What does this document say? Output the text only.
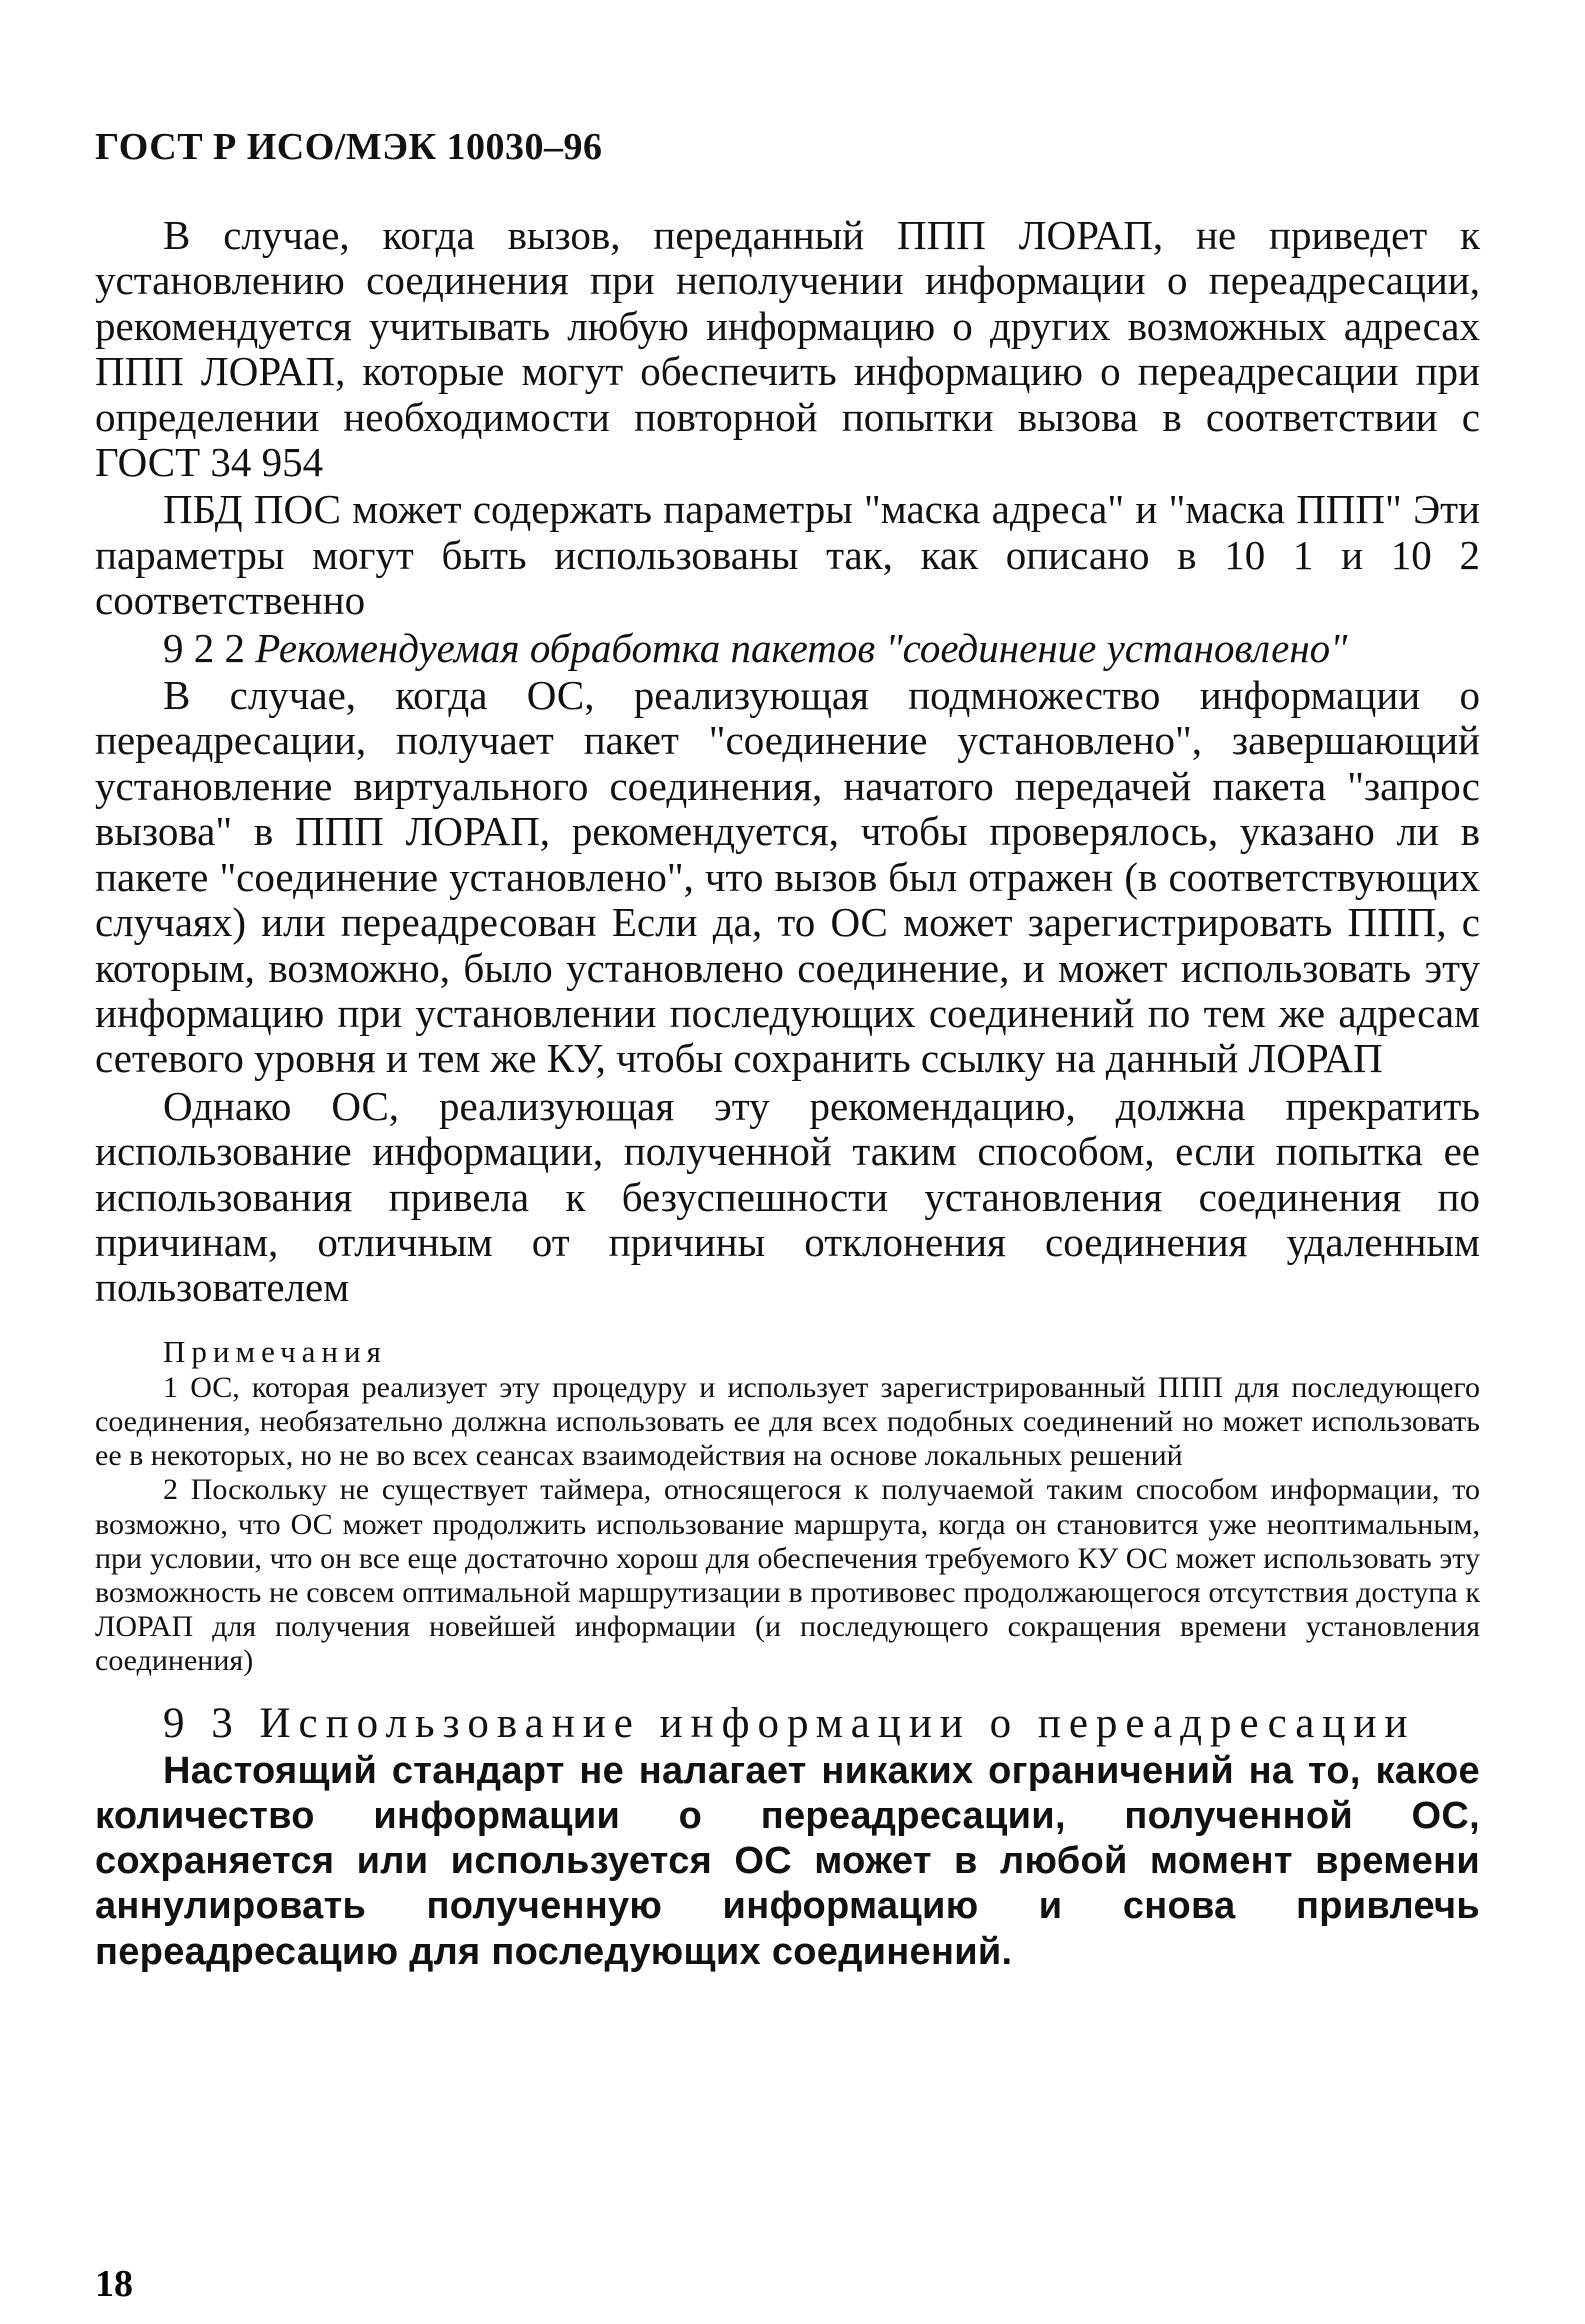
ГОСТ Р ИСО/МЭК 10030–96

В случае, когда вызов, переданный ППП ЛОРАП, не приведет к установлению соединения при неполучении информации о переадресации, рекомендуется учитывать любую информацию о других возможных адресах ППП ЛОРАП, которые могут обеспечить информацию о переадресации при определении необходимости повторной попытки вызова в соответствии с ГОСТ 34 954

ПБД ПОС может содержать параметры "маска адреса" и "маска ППП" Эти параметры могут быть использованы так, как описано в 10 1 и 10 2 соответственно

9 2 2 Рекомендуемая обработка пакетов "соединение установлено"

В случае, когда ОС, реализующая подмножество информации о переадресации, получает пакет "соединение установлено", завершающий установление виртуального соединения, начатого передачей пакета "запрос вызова" в ППП ЛОРАП, рекомендуется, чтобы проверялось, указано ли в пакете "соединение установлено", что вызов был отражен (в соответствующих случаях) или переадресован Если да, то ОС может зарегистрировать ППП, с которым, возможно, было установлено соединение, и может использовать эту информацию при установлении последующих соединений по тем же адресам сетевого уровня и тем же КУ, чтобы сохранить ссылку на данный ЛОРАП

Однако ОС, реализующая эту рекомендацию, должна прекратить использование информации, полученной таким способом, если попытка ее использования привела к безуспешности установления соединения по причинам, отличным от причины отклонения соединения удаленным пользователем

Примечания

1 ОС, которая реализует эту процедуру и использует зарегистрированный ППП для последующего соединения, необязательно должна использовать ее для всех подобных соединений но может использовать ее в некоторых, но не во всех сеансах взаимодействия на основе локальных решений

2 Поскольку не существует таймера, относящегося к получаемой таким способом информации, то возможно, что ОС может продолжить использование маршрута, когда он становится уже неоптимальным, при условии, что он все еще достаточно хорош для обеспечения требуемого КУ ОС может использовать эту возможность не совсем оптимальной маршрутизации в противовес продолжающегося отсутствия доступа к ЛОРАП для получения новейшей информации (и последующего сокращения времени установления соединения)

9 3 Использование информации о переадресации

Настоящий стандарт не налагает никаких ограничений на то, какое количество информации о переадресации, полученной ОС, сохраняется или используется ОС может в любой момент времени аннулировать полученную информацию и снова привлечь переадресацию для последующих соединений.

18
